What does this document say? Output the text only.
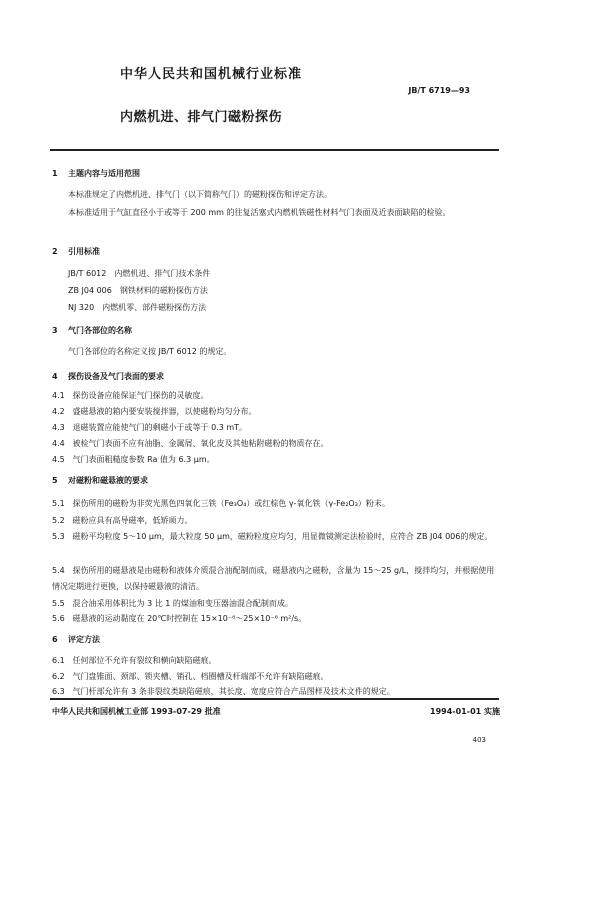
中华人民共和国机械行业标准
JB/T 6719—93
内燃机进、排气门磁粉探伤
1 主题内容与适用范围
本标准规定了内燃机进、排气门（以下简称气门）的磁粉探伤和评定方法。
本标准适用于气缸直径小于或等于 200 mm 的往复活塞式内燃机铁磁性材料气门表面及近表面缺陷的检验。
2 引用标准
JB/T 6012　内燃机进、排气门技术条件
ZB J04 006　钢铁材料的磁粉探伤方法
NJ 320　内燃机零、部件磁粉探伤方法
3 气门各部位的名称
气门各部位的名称定义按 JB/T 6012 的规定。
4 探伤设备及气门表面的要求
4.1 探伤设备应能保证气门探伤的灵敏度。
4.2 盛磁悬液的箱内要安装搅拌器，以使磁粉均匀分布。
4.3 退磁装置应能使气门的剩磁小于或等于 0.3 mT。
4.4 被检气门表面不应有油脂、金属屑、氧化皮及其他粘附磁粉的物质存在。
4.5 气门表面粗糙度参数 Ra 值为 6.3 μm。
5 对磁粉和磁悬液的要求
5.1 探伤所用的磁粉为非荧光黑色四氧化三铁（Fe₃O₄）或红棕色 γ-氧化铁（γ-Fe₂O₃）粉末。
5.2 磁粉应具有高导磁率，低矫顽力。
5.3 磁粉平均粒度 5～10 μm，最大粒度 50 μm，磁粉粒度应均匀，用显微镜测定法检验时，应符合 ZB J04 006的规定。
5.4 探伤所用的磁悬液是由磁粉和液体介质混合油配制而成，磁悬液内之磁粉，含量为 15～25 g/L，搅拌均匀，并根据使用情况定期进行更换，以保持磁悬液的清洁。
5.5 混合油采用体积比为 3 比 1 的煤油和变压器油混合配制而成。
5.6 磁悬液的运动黏度在 20℃时控制在 15×10⁻⁶～25×10⁻⁶ m²/s。
6 评定方法
6.1 任何部位不允许有裂纹和横向缺陷磁痕。
6.2 气门盘锥面、颈部、锁夹槽、销孔、档圈槽及杆端部不允许有缺陷磁痕。
6.3 气门杆部允许有 3 条非裂纹类缺陷磁痕，其长度、宽度应符合产品图样及技术文件的规定。
中华人民共和国机械工业部 1993-07-29 批准	1994-01-01 实施
403
